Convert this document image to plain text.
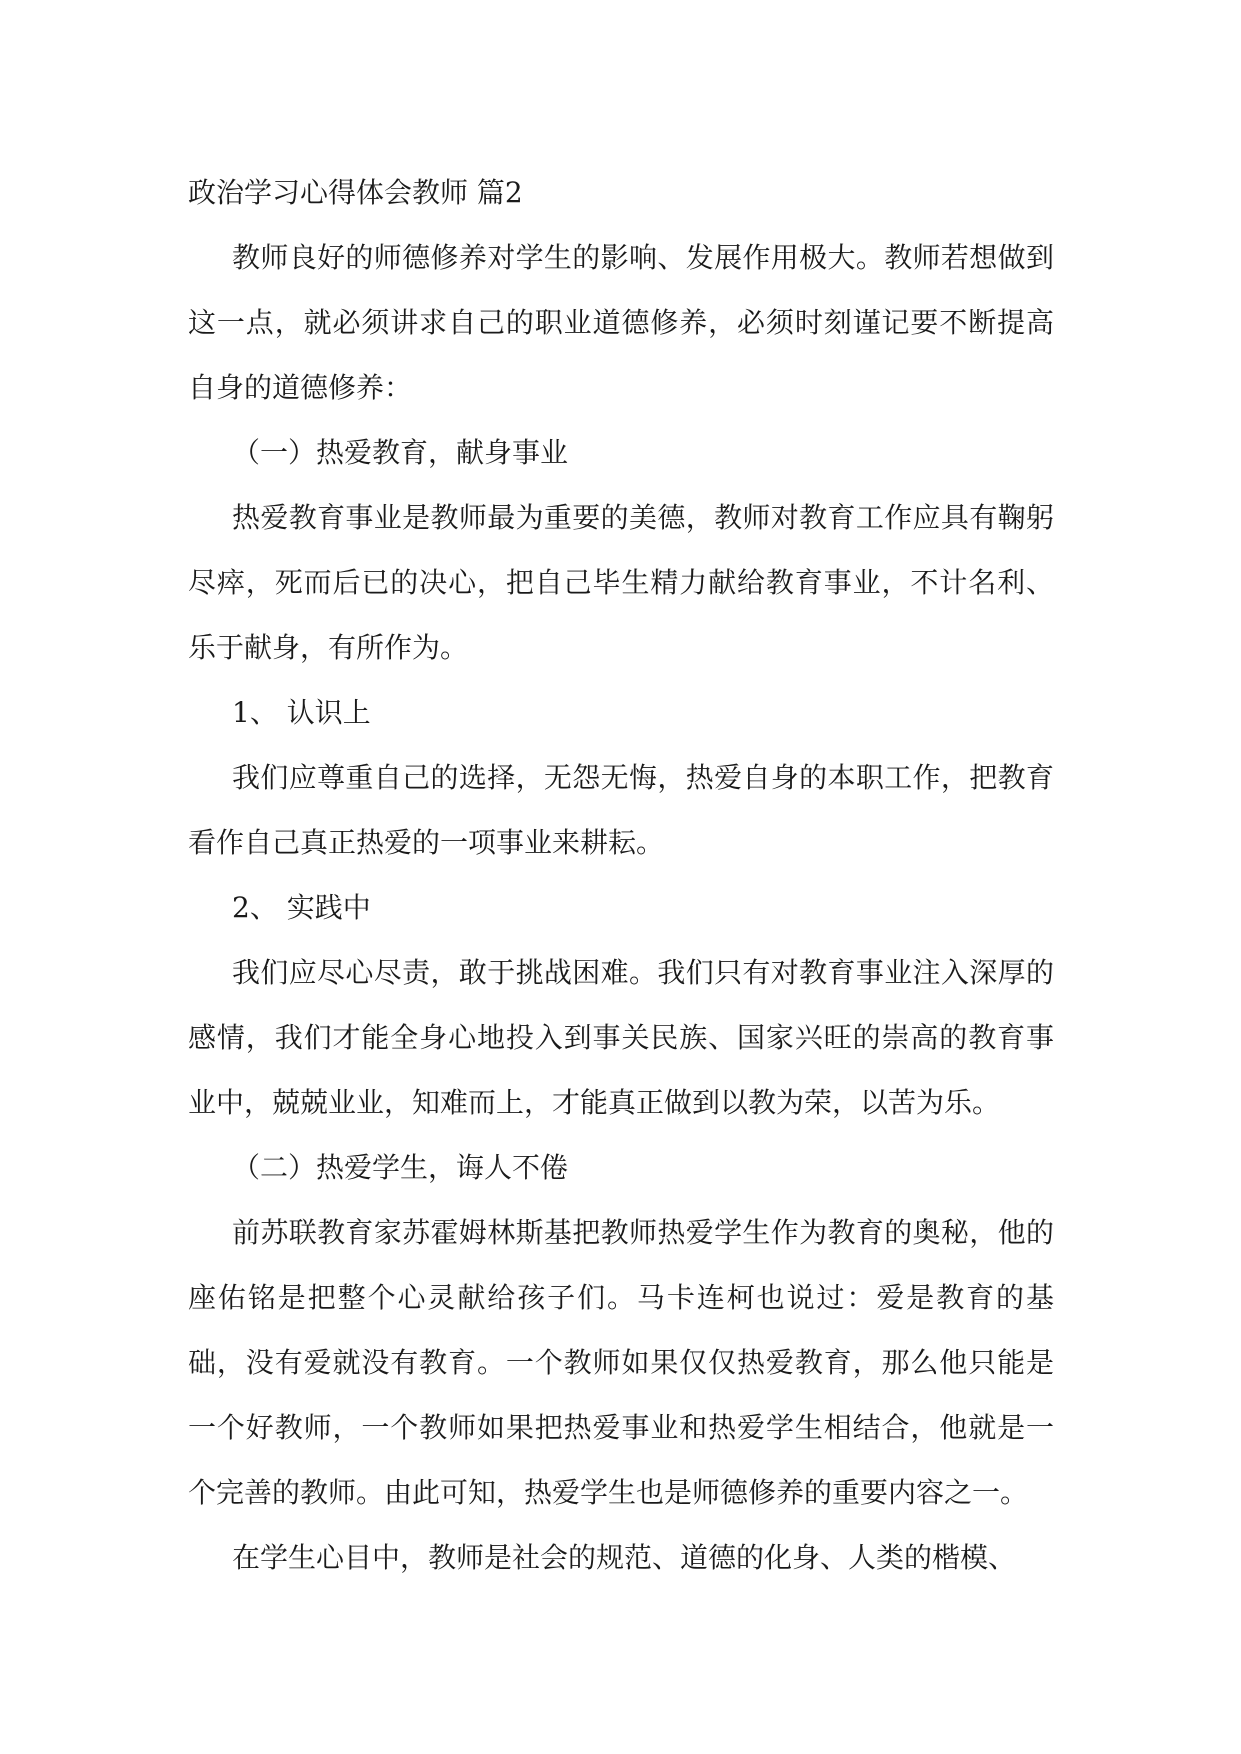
政治学习心得体会教师 篇2

教师良好的师德修养对学生的影响、发展作用极大。教师若想做到这一点，就必须讲求自己的职业道德修养，必须时刻谨记要不断提高自身的道德修养：

（一）热爱教育，献身事业

热爱教育事业是教师最为重要的美德，教师对教育工作应具有鞠躬尽瘁，死而后已的决心，把自己毕生精力献给教育事业，不计名利、乐于献身，有所作为。

1、 认识上

我们应尊重自己的选择，无怨无悔，热爱自身的本职工作，把教育看作自己真正热爱的一项事业来耕耘。

2、 实践中

我们应尽心尽责，敢于挑战困难。我们只有对教育事业注入深厚的感情，我们才能全身心地投入到事关民族、国家兴旺的崇高的教育事业中，兢兢业业，知难而上，才能真正做到以教为荣，以苦为乐。

（二）热爱学生，诲人不倦

前苏联教育家苏霍姆林斯基把教师热爱学生作为教育的奥秘，他的座佑铭是把整个心灵献给孩子们。马卡连柯也说过：爱是教育的基础，没有爱就没有教育。一个教师如果仅仅热爱教育，那么他只能是一个好教师，一个教师如果把热爱事业和热爱学生相结合，他就是一个完善的教师。由此可知，热爱学生也是师德修养的重要内容之一。

在学生心目中，教师是社会的规范、道德的化身、人类的楷模、
